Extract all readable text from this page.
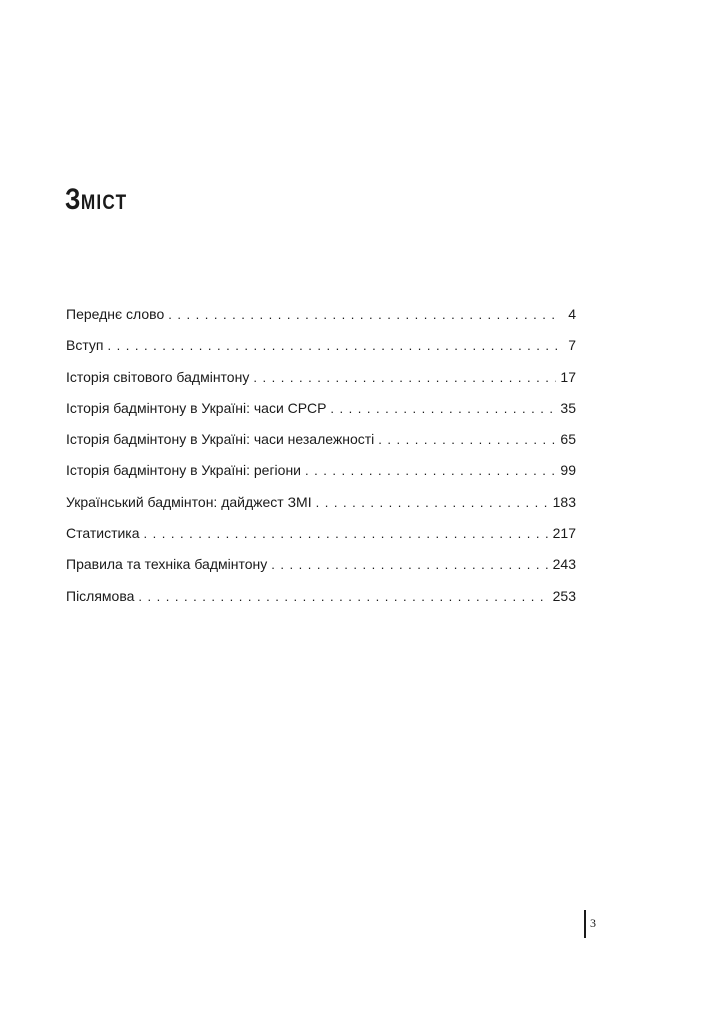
ЗМІСТ
Переднє слово . . .	4
Вступ . . .	7
Історія світового бадмінтону . . .	17
Історія бадмінтону в Україні: часи СРСР . . .	35
Історія бадмінтону в Україні: часи незалежності . . .	65
Історія бадмінтону в Україні: регіони . . .	99
Український бадмінтон: дайджест ЗМІ . . .	183
Статистика . . .	217
Правила та техніка бадмінтону . . .	243
Післямова . . .	253
3
